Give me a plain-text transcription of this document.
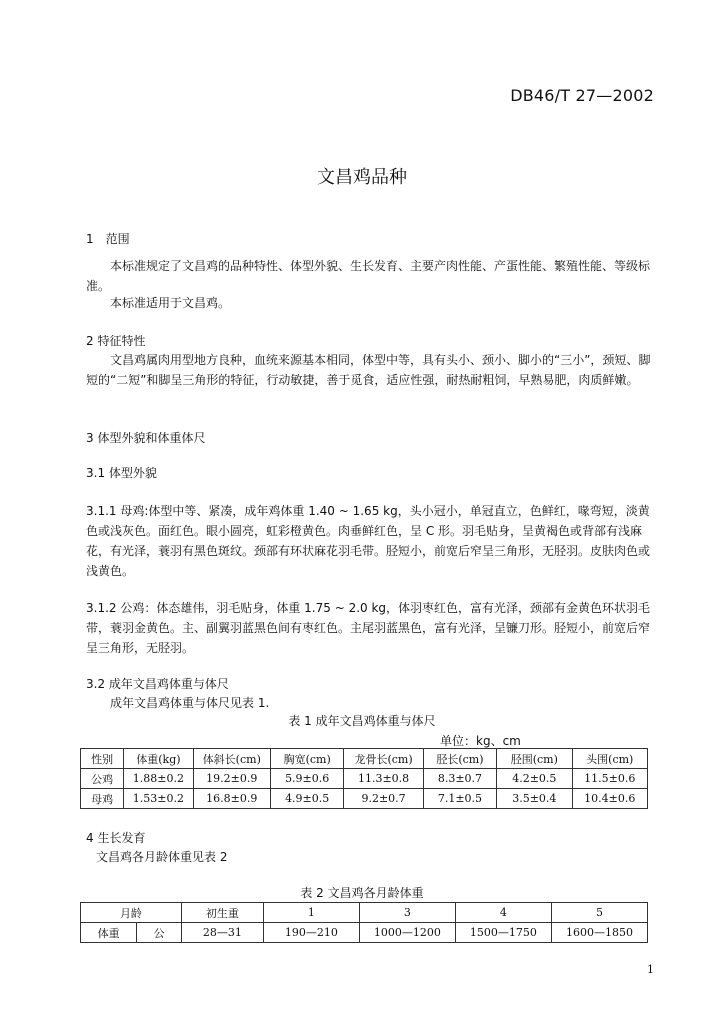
DB46/T 27—2002
文昌鸡品种
1　范围
本标准规定了文昌鸡的品种特性、体型外貌、生长发育、主要产肉性能、产蛋性能、繁殖性能、等级标准。
本标准适用于文昌鸡。
2 特征特性
文昌鸡属肉用型地方良种，血统来源基本相同，体型中等，具有头小、颈小、脚小的“三小”，颈短、脚短的“二短”和脚呈三角形的特征，行动敏捷，善于觅食，适应性强，耐热耐粗饲，早熟易肥，肉质鲜嫩。
3 体型外貌和体重体尺
3.1 体型外貌
3.1.1 母鸡:体型中等、紧凑，成年鸡体重 1.40 ~ 1.65 kg，头小冠小，单冠直立，色鲜红，喙弯短，淡黄色或浅灰色。面红色。眼小圆亮，虹彩橙黄色。肉垂鲜红色，呈 C 形。羽毛贴身，呈黄褐色或背部有浅麻花，有光泽，蓑羽有黑色斑纹。颈部有环状麻花羽毛带。胫短小，前宽后窄呈三角形，无胫羽。皮肤肉色或浅黄色。
3.1.2 公鸡：体态雄伟，羽毛贴身，体重 1.75 ~ 2.0 kg，体羽枣红色，富有光泽，颈部有金黄色环状羽毛带，蓑羽金黄色。主、副翼羽蓝黑色间有枣红色。主尾羽蓝黑色，富有光泽，呈镰刀形。胫短小，前宽后窄呈三角形，无胫羽。
3.2 成年文昌鸡体重与体尺
成年文昌鸡体重与体尺见表 1.
表 1 成年文昌鸡体重与体尺
单位：kg、cm
性别	体重(kg)	体斜长(cm)	胸宽(cm)	龙骨长(cm)	胫长(cm)	胫围(cm)	头围(cm)
公鸡	1.88±0.2	19.2±0.9	5.9±0.6	11.3±0.8	8.3±0.7	4.2±0.5	11.5±0.6
母鸡	1.53±0.2	16.8±0.9	4.9±0.5	9.2±0.7	7.1±0.5	3.5±0.4	10.4±0.6
4 生长发育
文昌鸡各月龄体重见表 2
表 2 文昌鸡各月龄体重
月龄		初生重	1	3	4	5
体重	公	28—31	190—210	1000—1200	1500—1750	1600—1850
1
